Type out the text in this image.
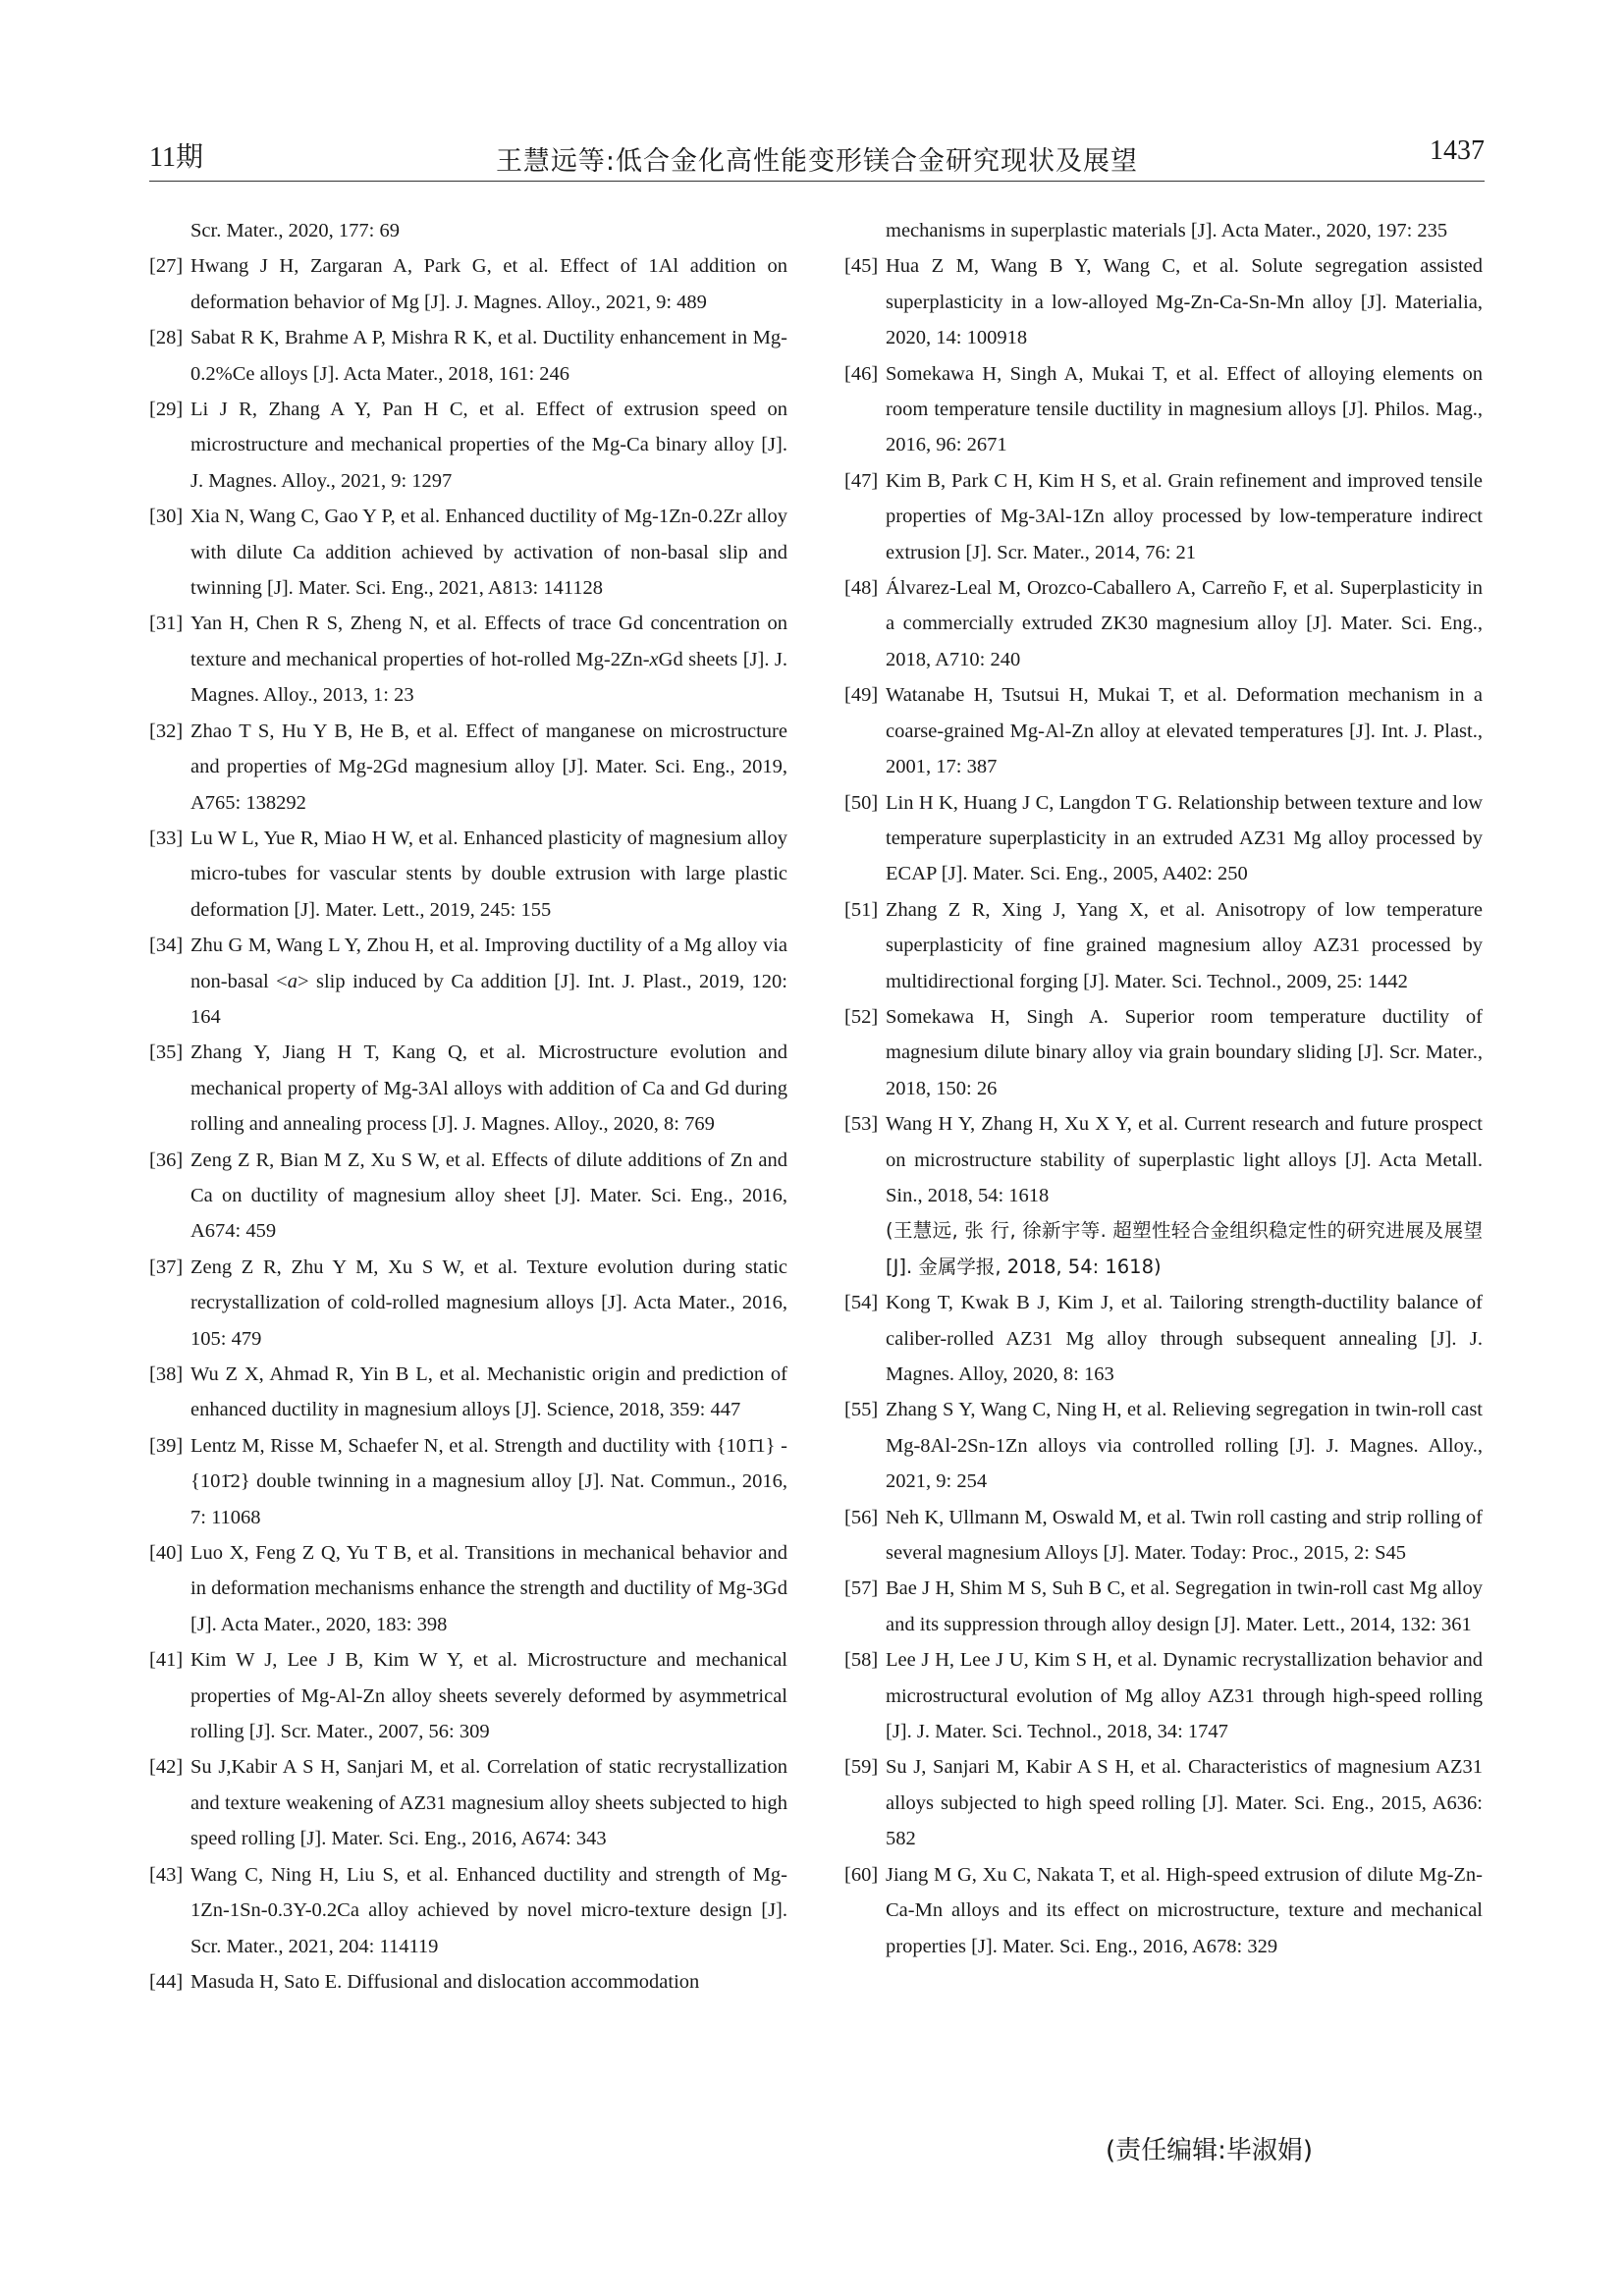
11期	王慧远等:低合金化高性能变形镁合金研究现状及展望	1437
Scr. Mater., 2020, 177: 69
[27] Hwang J H, Zargaran A, Park G, et al. Effect of 1Al addition on deformation behavior of Mg [J]. J. Magnes. Alloy., 2021, 9: 489
[28] Sabat R K, Brahme A P, Mishra R K, et al. Ductility enhancement in Mg-0.2%Ce alloys [J]. Acta Mater., 2018, 161: 246
[29] Li J R, Zhang A Y, Pan H C, et al. Effect of extrusion speed on microstructure and mechanical properties of the Mg-Ca binary alloy [J]. J. Magnes. Alloy., 2021, 9: 1297
[30] Xia N, Wang C, Gao Y P, et al. Enhanced ductility of Mg-1Zn-0.2Zr alloy with dilute Ca addition achieved by activation of non-basal slip and twinning [J]. Mater. Sci. Eng., 2021, A813: 141128
[31] Yan H, Chen R S, Zheng N, et al. Effects of trace Gd concentration on texture and mechanical properties of hot-rolled Mg-2Zn-xGd sheets [J]. J. Magnes. Alloy., 2013, 1: 23
[32] Zhao T S, Hu Y B, He B, et al. Effect of manganese on microstructure and properties of Mg-2Gd magnesium alloy [J]. Mater. Sci. Eng., 2019, A765: 138292
[33] Lu W L, Yue R, Miao H W, et al. Enhanced plasticity of magnesium alloy micro-tubes for vascular stents by double extrusion with large plastic deformation [J]. Mater. Lett., 2019, 245: 155
[34] Zhu G M, Wang L Y, Zhou H, et al. Improving ductility of a Mg alloy via non-basal <a> slip induced by Ca addition [J]. Int. J. Plast., 2019, 120: 164
[35] Zhang Y, Jiang H T, Kang Q, et al. Microstructure evolution and mechanical property of Mg-3Al alloys with addition of Ca and Gd during rolling and annealing process [J]. J. Magnes. Alloy., 2020, 8: 769
[36] Zeng Z R, Bian M Z, Xu S W, et al. Effects of dilute additions of Zn and Ca on ductility of magnesium alloy sheet [J]. Mater. Sci. Eng., 2016, A674: 459
[37] Zeng Z R, Zhu Y M, Xu S W, et al. Texture evolution during static recrystallization of cold-rolled magnesium alloys [J]. Acta Mater., 2016, 105: 479
[38] Wu Z X, Ahmad R, Yin B L, et al. Mechanistic origin and prediction of enhanced ductility in magnesium alloys [J]. Science, 2018, 359: 447
[39] Lentz M, Risse M, Schaefer N, et al. Strength and ductility with {101̄1} - {101̄2} double twinning in a magnesium alloy [J]. Nat. Commun., 2016, 7: 11068
[40] Luo X, Feng Z Q, Yu T B, et al. Transitions in mechanical behavior and in deformation mechanisms enhance the strength and ductility of Mg-3Gd [J]. Acta Mater., 2020, 183: 398
[41] Kim W J, Lee J B, Kim W Y, et al. Microstructure and mechanical properties of Mg-Al-Zn alloy sheets severely deformed by asymmetrical rolling [J]. Scr. Mater., 2007, 56: 309
[42] Su J,Kabir A S H, Sanjari M, et al. Correlation of static recrystallization and texture weakening of AZ31 magnesium alloy sheets subjected to high speed rolling [J]. Mater. Sci. Eng., 2016, A674: 343
[43] Wang C, Ning H, Liu S, et al. Enhanced ductility and strength of Mg-1Zn-1Sn-0.3Y-0.2Ca alloy achieved by novel micro-texture design [J]. Scr. Mater., 2021, 204: 114119
[44] Masuda H, Sato E. Diffusional and dislocation accommodation
mechanisms in superplastic materials [J]. Acta Mater., 2020, 197: 235
[45] Hua Z M, Wang B Y, Wang C, et al. Solute segregation assisted superplasticity in a low-alloyed Mg-Zn-Ca-Sn-Mn alloy [J]. Materialia, 2020, 14: 100918
[46] Somekawa H, Singh A, Mukai T, et al. Effect of alloying elements on room temperature tensile ductility in magnesium alloys [J]. Philos. Mag., 2016, 96: 2671
[47] Kim B, Park C H, Kim H S, et al. Grain refinement and improved tensile properties of Mg-3Al-1Zn alloy processed by low-temperature indirect extrusion [J]. Scr. Mater., 2014, 76: 21
[48] Álvarez-Leal M, Orozco-Caballero A, Carreño F, et al. Superplasticity in a commercially extruded ZK30 magnesium alloy [J]. Mater. Sci. Eng., 2018, A710: 240
[49] Watanabe H, Tsutsui H, Mukai T, et al. Deformation mechanism in a coarse-grained Mg-Al-Zn alloy at elevated temperatures [J]. Int. J. Plast., 2001, 17: 387
[50] Lin H K, Huang J C, Langdon T G. Relationship between texture and low temperature superplasticity in an extruded AZ31 Mg alloy processed by ECAP [J]. Mater. Sci. Eng., 2005, A402: 250
[51] Zhang Z R, Xing J, Yang X, et al. Anisotropy of low temperature superplasticity of fine grained magnesium alloy AZ31 processed by multidirectional forging [J]. Mater. Sci. Technol., 2009, 25: 1442
[52] Somekawa H, Singh A. Superior room temperature ductility of magnesium dilute binary alloy via grain boundary sliding [J]. Scr. Mater., 2018, 150: 26
[53] Wang H Y, Zhang H, Xu X Y, et al. Current research and future prospect on microstructure stability of superplastic light alloys [J]. Acta Metall. Sin., 2018, 54: 1618
(王慧远, 张 行, 徐新宇等. 超塑性轻合金组织稳定性的研究进展及展望 [J]. 金属学报, 2018, 54: 1618)
[54] Kong T, Kwak B J, Kim J, et al. Tailoring strength-ductility balance of caliber-rolled AZ31 Mg alloy through subsequent annealing [J]. J. Magnes. Alloy, 2020, 8: 163
[55] Zhang S Y, Wang C, Ning H, et al. Relieving segregation in twin-roll cast Mg-8Al-2Sn-1Zn alloys via controlled rolling [J]. J. Magnes. Alloy., 2021, 9: 254
[56] Neh K, Ullmann M, Oswald M, et al. Twin roll casting and strip rolling of several magnesium Alloys [J]. Mater. Today: Proc., 2015, 2: S45
[57] Bae J H, Shim M S, Suh B C, et al. Segregation in twin-roll cast Mg alloy and its suppression through alloy design [J]. Mater. Lett., 2014, 132: 361
[58] Lee J H, Lee J U, Kim S H, et al. Dynamic recrystallization behavior and microstructural evolution of Mg alloy AZ31 through high-speed rolling [J]. J. Mater. Sci. Technol., 2018, 34: 1747
[59] Su J, Sanjari M, Kabir A S H, et al. Characteristics of magnesium AZ31 alloys subjected to high speed rolling [J]. Mater. Sci. Eng., 2015, A636: 582
[60] Jiang M G, Xu C, Nakata T, et al. High-speed extrusion of dilute Mg-Zn-Ca-Mn alloys and its effect on microstructure, texture and mechanical properties [J]. Mater. Sci. Eng., 2016, A678: 329
(责任编辑:毕淑娟)
